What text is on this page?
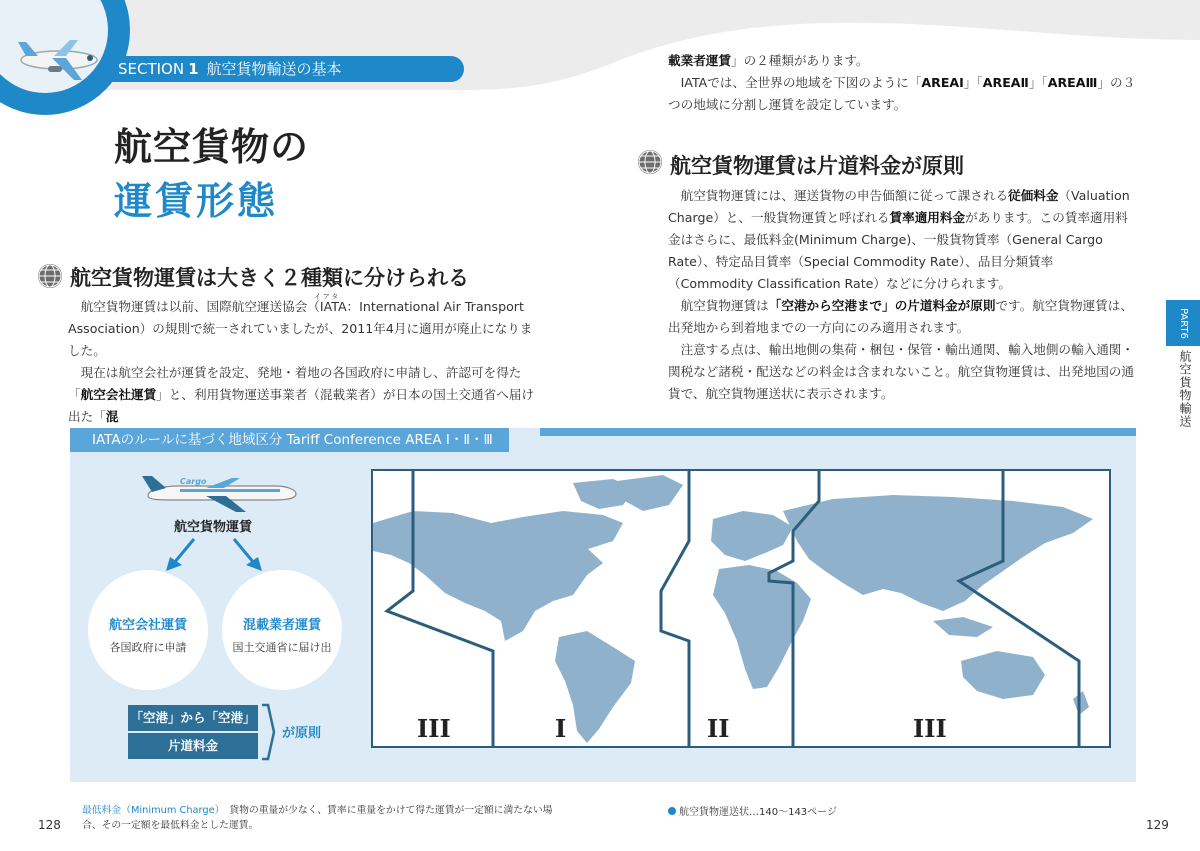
SECTION 1 航空貨物輸送の基本
航空貨物の
運賃形態
航空貨物運賃は大きく２種類に分けられる
イアタ

航空貨物運賃は以前、国際航空運送協会（IATA：International Air Transport Association）の規則で統一されていましたが、2011年4月に適用が廃止になりました。

現在は航空会社が運賃を設定、発地・着地の各国政府に申請し、許認可を得た「航空会社運賃」と、利用貨物運送事業者（混載業者）が日本の国土交通省へ届け出た「混

載業者運賃」の２種類があります。

IATAでは、全世界の地域を下図のように「AREAⅠ」「AREAⅡ」「AREAⅢ」の３つの地域に分割し運賃を設定しています。

航空貨物運賃は片道料金が原則

航空貨物運賃には、運送貨物の申告価額に従って課される従価料金（Valuation Charge）と、一般貨物運賃と呼ばれる賃率適用料金があります。この賃率適用料金はさらに、最低料金(Minimum Charge)、一般貨物賃率（General Cargo Rate）、特定品目賃率（Special Commodity Rate）、品目分類賃率（Commodity Classification Rate）などに分けられます。

航空貨物運賃は「空港から空港まで」の片道料金が原則です。航空貨物運賃は、出発地から到着地までの一方向にのみ適用されます。

注意する点は、輸出地側の集荷・梱包・保管・輸出通関、輸入地側の輸入通関・関税など諸税・配送などの料金は含まれないこと。航空貨物運賃は、出発地国の通貨で、航空貨物運送状に表示されます。

PART6
航空貨物輸送
IATAのルールに基づく地域区分 Tariff Conference AREA Ⅰ・Ⅱ・Ⅲ
Cargo
航空貨物運賃
航空会社運賃
各国政府に申請
混載業者運賃
国土交通省に届け出
「空港」から「空港」
片道料金
が原則	III	I	II	III
128
最低料金（Minimum Charge）　 貨物の重量が少なく、賃率に重量をかけて得た運賃が一定額に満たない場合、その一定額を最低料金とした運賃。
航空貨物運送状…140～143ページ
129
